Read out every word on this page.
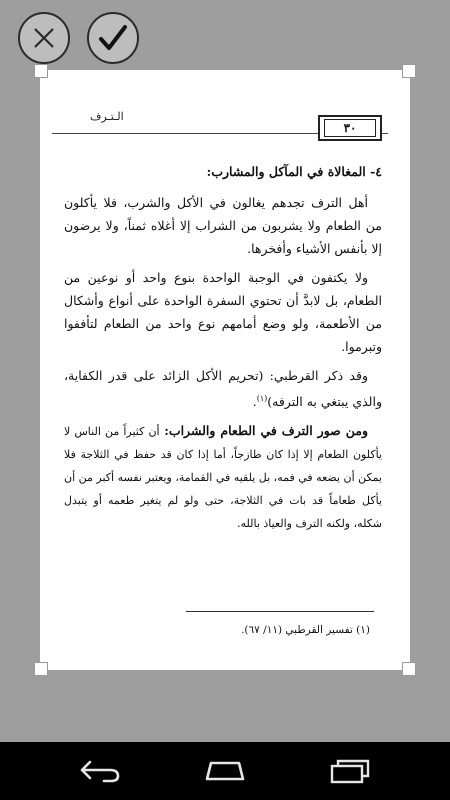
الـتـرف
٣٠

٤- المغالاة في المآكل والمشارب:

أهل الترف تجدهم يغالون في الأكل والشرب، فلا يأكلون من الطعام ولا يشربون من الشراب إلا أغلاه ثمناً، ولا يرضون إلا بأنفس الأشياء وأفخرها.

ولا يكتفون في الوجبة الواحدة بنوع واحد أو نوعين من الطعام، بل لابدَّ أن تحتوي السفرة الواحدة على أنواع وأشكال من الأطعمة، ولو وضع أمامهم نوع واحد من الطعام لتأففوا وتبرموا.

وقد ذكر القرطبي: (تحريم الأكل الزائد على قدر الكفاية، والذي يبتغي به الترفه)$^{(١)}$.

ومن صور الترف في الطعام والشراب: أن كثيراً من الناس لا يأكلون الطعام إلا إذا كان طازجاً، أما إذا كان قد حفظ في الثلاجة فلا يمكن أن يضعه في فمه، بل يلقيه في القمامة، ويعتبر نفسه أكبر من أن يأكل طعاماً قد بات في الثلاجة، حتى ولو لم يتغير طعمه أو يتبدل شكله، ولكنه الترف والعياذ بالله.

(١) تفسير القرطبي (١١/ ٦٧).
